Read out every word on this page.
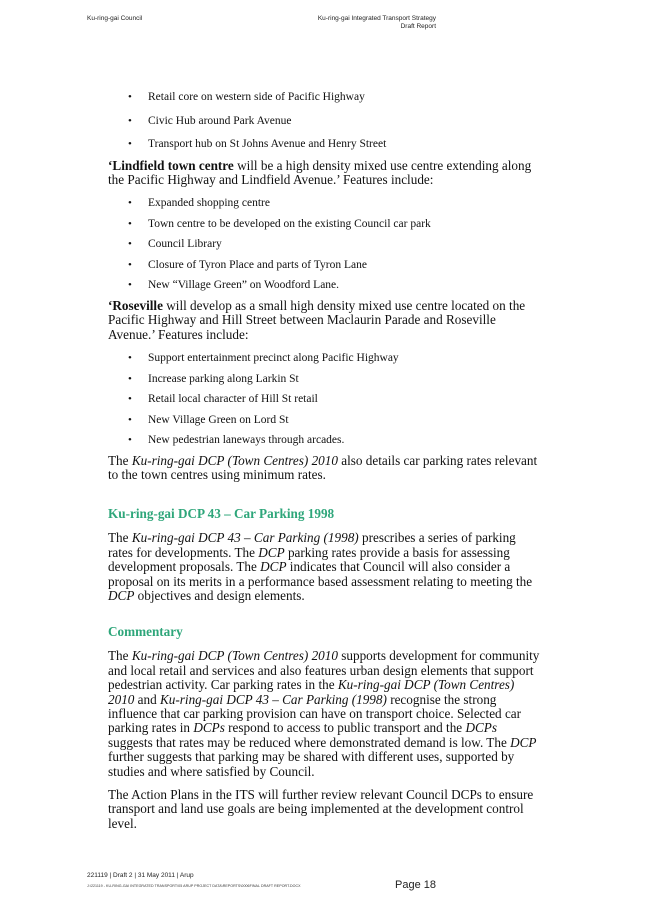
Ku-ring-gai Council	Ku-ring-gai Integrated Transport Strategy
Draft Report
• Retail core on western side of Pacific Highway
• Civic Hub around Park Avenue
• Transport hub on St Johns Avenue and Henry Street

‘Lindfield town centre will be a high density mixed use centre extending along the Pacific Highway and Lindfield Avenue.’ Features include:

• Expanded shopping centre
• Town centre to be developed on the existing Council car park
• Council Library
• Closure of Tyron Place and parts of Tyron Lane
• New “Village Green” on Woodford Lane.

‘Roseville will develop as a small high density mixed use centre located on the Pacific Highway and Hill Street between Maclaurin Parade and Roseville Avenue.’ Features include:

• Support entertainment precinct along Pacific Highway
• Increase parking along Larkin St
• Retail local character of Hill St retail
• New Village Green on Lord St
• New pedestrian laneways through arcades.

The Ku-ring-gai DCP (Town Centres) 2010 also details car parking rates relevant to the town centres using minimum rates.

Ku-ring-gai DCP 43 – Car Parking 1998

The Ku-ring-gai DCP 43 – Car Parking (1998) prescribes a series of parking rates for developments. The DCP parking rates provide a basis for assessing development proposals. The DCP indicates that Council will also consider a proposal on its merits in a performance based assessment relating to meeting the DCP objectives and design elements.

Commentary

The Ku-ring-gai DCP (Town Centres) 2010 supports development for community and local retail and services and also features urban design elements that support pedestrian activity. Car parking rates in the Ku-ring-gai DCP (Town Centres) 2010 and Ku-ring-gai DCP 43 – Car Parking (1998) recognise the strong influence that car parking provision can have on transport choice. Selected car parking rates in DCPs respond to access to public transport and the DCPs suggests that rates may be reduced where demonstrated demand is low. The DCP further suggests that parking may be shared with different uses, supported by studies and where satisfied by Council.

The Action Plans in the ITS will further review relevant Council DCPs to ensure transport and land use goals are being implemented at the development control level.

221119 | Draft 2 | 31 May 2011 | Arup
J:\221119 - KU-RING-GAI INTEGRATED TRANSPORT\05 ARUP PROJECT DATA\REPORTS\0006FINAL DRAFT REPORT.DOCX	Page 18
